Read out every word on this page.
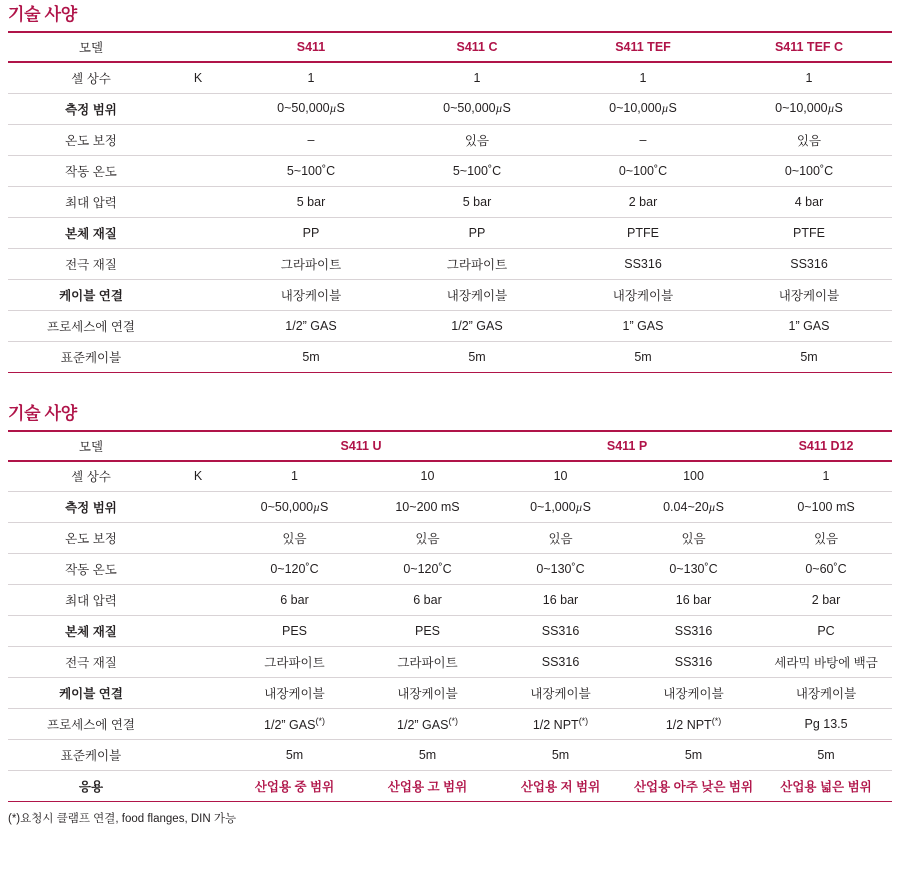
기술 사양
모델		S411	S411 C	S411 TEF	S411 TEF C
셀 상수	K	1	1	1	1
측정 범위		0~50,000µS	0~50,000µS	0~10,000µS	0~10,000µS
온도 보정		–	있음	–	있음
작동 온도		5~100˚C	5~100˚C	0~100˚C	0~100˚C
최대 압력		5 bar	5 bar	2 bar	4 bar
본체 재질		PP	PP	PTFE	PTFE
전극 재질		그라파이트	그라파이트	SS316	SS316
케이블 연결		내장케이블	내장케이블	내장케이블	내장케이블
프로세스에 연결		1/2” GAS	1/2” GAS	1” GAS	1” GAS
표준케이블		5m	5m	5m	5m
기술 사양
모델		S411 U		S411 P		S411 D12
셀 상수	K	1	10	10	100	1
측정 범위		0~50,000µS	10~200 mS	0~1,000µS	0.04~20µS	0~100 mS
온도 보정		있음	있음	있음	있음	있음
작동 온도		0~120˚C	0~120˚C	0~130˚C	0~130˚C	0~60˚C
최대 압력		6 bar	6 bar	16 bar	16 bar	2 bar
본체 재질		PES	PES	SS316	SS316	PC
전극 재질		그라파이트	그라파이트	SS316	SS316	세라믹 바탕에 백금
케이블 연결		내장케이블	내장케이블	내장케이블	내장케이블	내장케이블
프로세스에 연결		1/2” GAS(*)	1/2” GAS(*)	1/2 NPT(*)	1/2 NPT(*)	Pg 13.5
표준케이블		5m	5m	5m	5m	5m
응용		산업용 중 범위	산업용 고 범위	산업용 저 범위	산업용 아주 낮은 범위	산업용 넓은 범위

(*)요청시 클램프 연결, food flanges, DIN 가능
